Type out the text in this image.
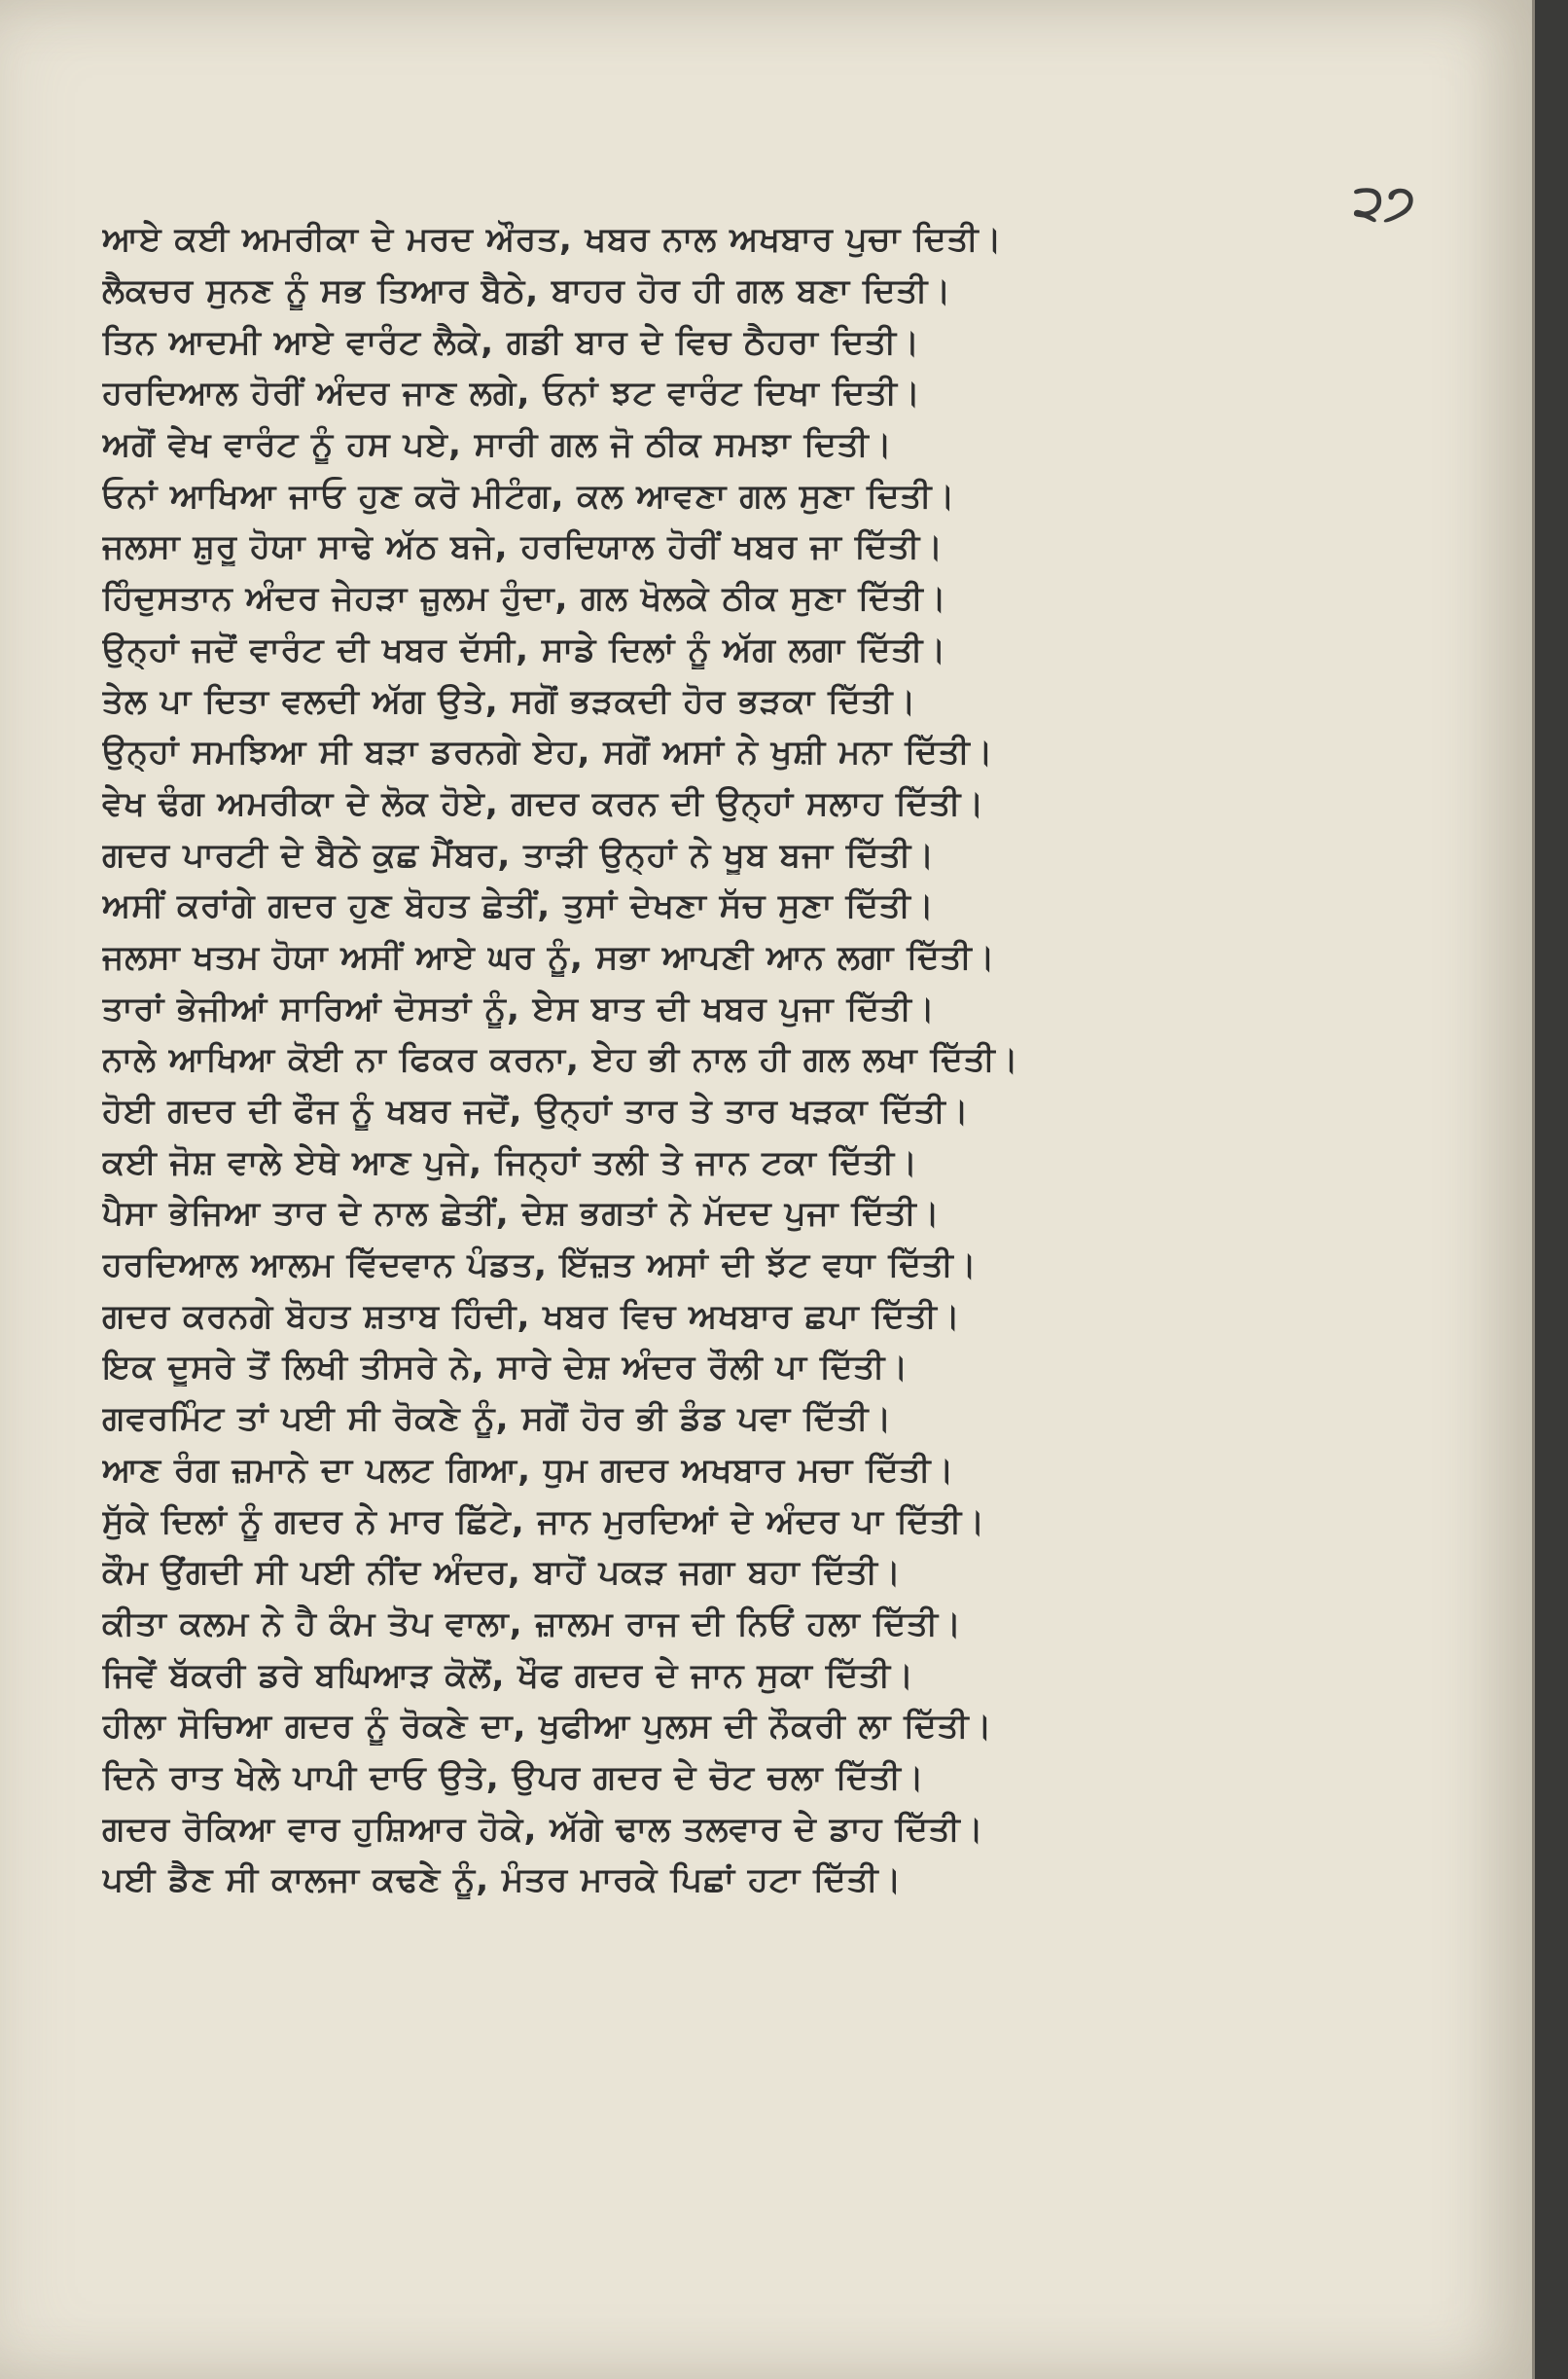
੨੭
ਆਏ ਕਈ ਅਮਰੀਕਾ ਦੇ ਮਰਦ ਔਰਤ, ਖਬਰ ਨਾਲ ਅਖਬਾਰ ਪੁਚਾ ਦਿਤੀ।
ਲੈਕਚਰ ਸੁਨਣ ਨੂੰ ਸਭ ਤਿਆਰ ਬੈਠੇ, ਬਾਹਰ ਹੋਰ ਹੀ ਗਲ ਬਣਾ ਦਿਤੀ।
ਤਿਨ ਆਦਮੀ ਆਏ ਵਾਰੰਟ ਲੈਕੇ, ਗਡੀ ਬਾਰ ਦੇ ਵਿਚ ਠੈਹਰਾ ਦਿਤੀ।
ਹਰਦਿਆਲ ਹੋਰੀਂ ਅੰਦਰ ਜਾਣ ਲਗੇ, ਓਨਾਂ ਝਟ ਵਾਰੰਟ ਦਿਖਾ ਦਿਤੀ।
ਅਗੋਂ ਵੇਖ ਵਾਰੰਟ ਨੂੰ ਹਸ ਪਏ, ਸਾਰੀ ਗਲ ਜੋ ਠੀਕ ਸਮਝਾ ਦਿਤੀ।
ਓਨਾਂ ਆਖਿਆ ਜਾਓ ਹੁਣ ਕਰੋ ਮੀਟੰਗ, ਕਲ ਆਵਣਾ ਗਲ ਸੁਣਾ ਦਿਤੀ।
ਜਲਸਾ ਸ਼ੁਰੂ ਹੋਯਾ ਸਾਢੇ ਅੱਠ ਬਜੇ, ਹਰਦਿਯਾਲ ਹੋਰੀਂ ਖਬਰ ਜਾ ਦਿੱਤੀ।
ਹਿੰਦੁਸਤਾਨ ਅੰਦਰ ਜੇਹੜਾ ਜ਼ੁਲਮ ਹੁੰਦਾ, ਗਲ ਖੋਲਕੇ ਠੀਕ ਸੁਣਾ ਦਿੱਤੀ।
ਉਨ੍ਹਾਂ ਜਦੋਂ ਵਾਰੰਟ ਦੀ ਖਬਰ ਦੱਸੀ, ਸਾਡੇ ਦਿਲਾਂ ਨੂੰ ਅੱਗ ਲਗਾ ਦਿੱਤੀ।
ਤੇਲ ਪਾ ਦਿਤਾ ਵਲਦੀ ਅੱਗ ਉਤੇ, ਸਗੋਂ ਭੜਕਦੀ ਹੋਰ ਭੜਕਾ ਦਿੱਤੀ।
ਉਨ੍ਹਾਂ ਸਮਝਿਆ ਸੀ ਬੜਾ ਡਰਨਗੇ ਏਹ, ਸਗੋਂ ਅਸਾਂ ਨੇ ਖੁਸ਼ੀ ਮਨਾ ਦਿੱਤੀ।
ਵੇਖ ਢੰਗ ਅਮਰੀਕਾ ਦੇ ਲੋਕ ਹੋਏ, ਗਦਰ ਕਰਨ ਦੀ ਉਨ੍ਹਾਂ ਸਲਾਹ ਦਿੱਤੀ।
ਗਦਰ ਪਾਰਟੀ ਦੇ ਬੈਠੇ ਕੁਛ ਮੈਂਬਰ, ਤਾੜੀ ਉਨ੍ਹਾਂ ਨੇ ਖੂਬ ਬਜਾ ਦਿੱਤੀ।
ਅਸੀਂ ਕਰਾਂਗੇ ਗਦਰ ਹੁਣ ਬੋਹਤ ਛੇਤੀਂ, ਤੁਸਾਂ ਦੇਖਣਾ ਸੱਚ ਸੁਣਾ ਦਿੱਤੀ।
ਜਲਸਾ ਖਤਮ ਹੋਯਾ ਅਸੀਂ ਆਏ ਘਰ ਨੂੰ, ਸਭਾ ਆਪਣੀ ਆਨ ਲਗਾ ਦਿੱਤੀ।
ਤਾਰਾਂ ਭੇਜੀਆਂ ਸਾਰਿਆਂ ਦੋਸਤਾਂ ਨੂੰ, ਏਸ ਬਾਤ ਦੀ ਖਬਰ ਪੁਜਾ ਦਿੱਤੀ।
ਨਾਲੇ ਆਖਿਆ ਕੋਈ ਨਾ ਫਿਕਰ ਕਰਨਾ, ਏਹ ਭੀ ਨਾਲ ਹੀ ਗਲ ਲਖਾ ਦਿੱਤੀ।
ਹੋਈ ਗਦਰ ਦੀ ਫੌਜ ਨੂੰ ਖਬਰ ਜਦੋਂ, ਉਨ੍ਹਾਂ ਤਾਰ ਤੇ ਤਾਰ ਖੜਕਾ ਦਿੱਤੀ।
ਕਈ ਜੋਸ਼ ਵਾਲੇ ਏਥੇ ਆਣ ਪੁਜੇ, ਜਿਨ੍ਹਾਂ ਤਲੀ ਤੇ ਜਾਨ ਟਕਾ ਦਿੱਤੀ।
ਪੈਸਾ ਭੇਜਿਆ ਤਾਰ ਦੇ ਨਾਲ ਛੇਤੀਂ, ਦੇਸ਼ ਭਗਤਾਂ ਨੇ ਮੱਦਦ ਪੁਜਾ ਦਿੱਤੀ।
ਹਰਦਿਆਲ ਆਲਮ ਵਿੱਦਵਾਨ ਪੰਡਤ, ਇੱਜ਼ਤ ਅਸਾਂ ਦੀ ਝੱਟ ਵਧਾ ਦਿੱਤੀ।
ਗਦਰ ਕਰਨਗੇ ਬੋਹਤ ਸ਼ਤਾਬ ਹਿੰਦੀ, ਖਬਰ ਵਿਚ ਅਖਬਾਰ ਛਪਾ ਦਿੱਤੀ।
ਇਕ ਦੂਸਰੇ ਤੋਂ ਲਿਖੀ ਤੀਸਰੇ ਨੇ, ਸਾਰੇ ਦੇਸ਼ ਅੰਦਰ ਰੌਲੀ ਪਾ ਦਿੱਤੀ।
ਗਵਰਮਿੰਟ ਤਾਂ ਪਈ ਸੀ ਰੋਕਣੇ ਨੂੰ, ਸਗੋਂ ਹੋਰ ਭੀ ਡੰਡ ਪਵਾ ਦਿੱਤੀ।
ਆਣ ਰੰਗ ਜ਼ਮਾਨੇ ਦਾ ਪਲਟ ਗਿਆ, ਧੁਮ ਗਦਰ ਅਖਬਾਰ ਮਚਾ ਦਿੱਤੀ।
ਸੁੱਕੇ ਦਿਲਾਂ ਨੂੰ ਗਦਰ ਨੇ ਮਾਰ ਛਿੱਟੇ, ਜਾਨ ਮੁਰਦਿਆਂ ਦੇ ਅੰਦਰ ਪਾ ਦਿੱਤੀ।
ਕੌਮ ਉਂਗਦੀ ਸੀ ਪਈ ਨੀਂਦ ਅੰਦਰ, ਬਾਹੋਂ ਪਕੜ ਜਗਾ ਬਹਾ ਦਿੱਤੀ।
ਕੀਤਾ ਕਲਮ ਨੇ ਹੈ ਕੰਮ ਤੋਪ ਵਾਲਾ, ਜ਼ਾਲਮ ਰਾਜ ਦੀ ਨਿਓਂ ਹਲਾ ਦਿੱਤੀ।
ਜਿਵੇਂ ਬੱਕਰੀ ਡਰੇ ਬਘਿਆੜ ਕੋਲੋਂ, ਖੌਫ ਗਦਰ ਦੇ ਜਾਨ ਸੁਕਾ ਦਿੱਤੀ।
ਹੀਲਾ ਸੋਚਿਆ ਗਦਰ ਨੂੰ ਰੋਕਣੇ ਦਾ, ਖੁਫੀਆ ਪੁਲਸ ਦੀ ਨੌਕਰੀ ਲਾ ਦਿੱਤੀ।
ਦਿਨੇ ਰਾਤ ਖੇਲੇ ਪਾਪੀ ਦਾਓ ਉਤੇ, ਉਪਰ ਗਦਰ ਦੇ ਚੋਟ ਚਲਾ ਦਿੱਤੀ।
ਗਦਰ ਰੋਕਿਆ ਵਾਰ ਹੁਸ਼ਿਆਰ ਹੋਕੇ, ਅੱਗੇ ਢਾਲ ਤਲਵਾਰ ਦੇ ਡਾਹ ਦਿੱਤੀ।
ਪਈ ਡੈਣ ਸੀ ਕਾਲਜਾ ਕਢਣੇ ਨੂੰ, ਮੰਤਰ ਮਾਰਕੇ ਪਿਛਾਂ ਹਟਾ ਦਿੱਤੀ।
